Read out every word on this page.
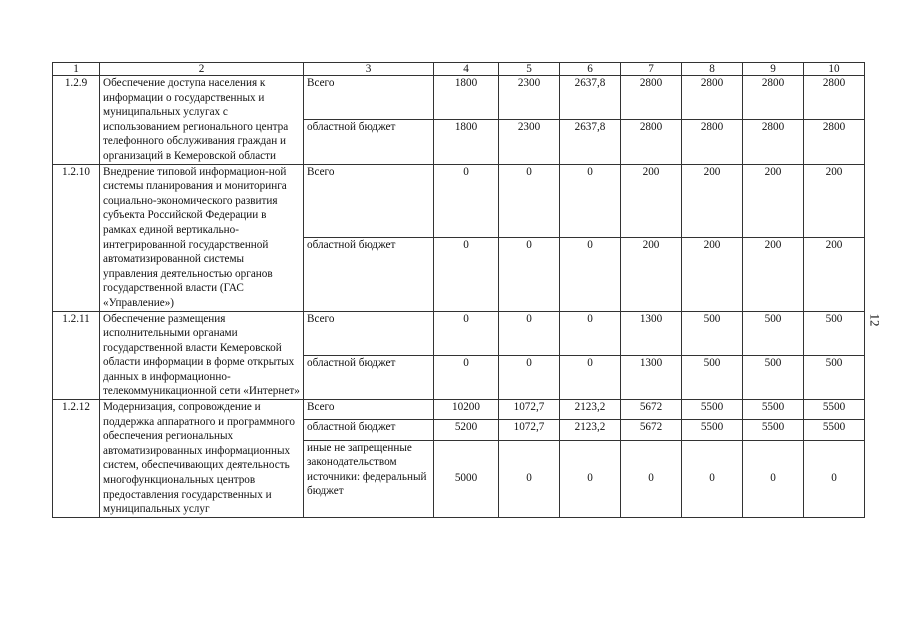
1	2	3	4	5	6	7	8	9	10
1.2.9	Обеспечение доступа населения к информации о государственных и муниципальных услугах с использованием регионального центра телефонного обслуживания граждан и организаций в Кемеровской области	Всего	1800	2300	2637,8	2800	2800	2800	2800
		областной бюджет	1800	2300	2637,8	2800	2800	2800	2800
1.2.10	Внедрение типовой информацион-ной системы планирования и мониторинга социально-экономического развития субъекта Российской Федерации в рамках единой вертикально-интегрированной государственной автоматизированной системы управления деятельностью органов государственной власти (ГАС «Управление»)	Всего	0	0	0	200	200	200	200
		областной бюджет	0	0	0	200	200	200	200
1.2.11	Обеспечение размещения исполнительными органами государственной власти Кемеровской области информации в форме открытых данных в информационно-телекоммуникационной сети «Интернет»	Всего	0	0	0	1300	500	500	500
		областной бюджет	0	0	0	1300	500	500	500
1.2.12	Модернизация, сопровождение и поддержка аппаратного и программного обеспечения региональных автоматизированных информационных систем, обеспечивающих деятельность многофункциональных центров предоставления государственных и муниципальных услуг	Всего	10200	1072,7	2123,2	5672	5500	5500	5500
		областной бюджет	5200	1072,7	2123,2	5672	5500	5500	5500
		иные не запрещенные законодательством источники: федеральный бюджет	5000	0	0	0	0	0	0
12
